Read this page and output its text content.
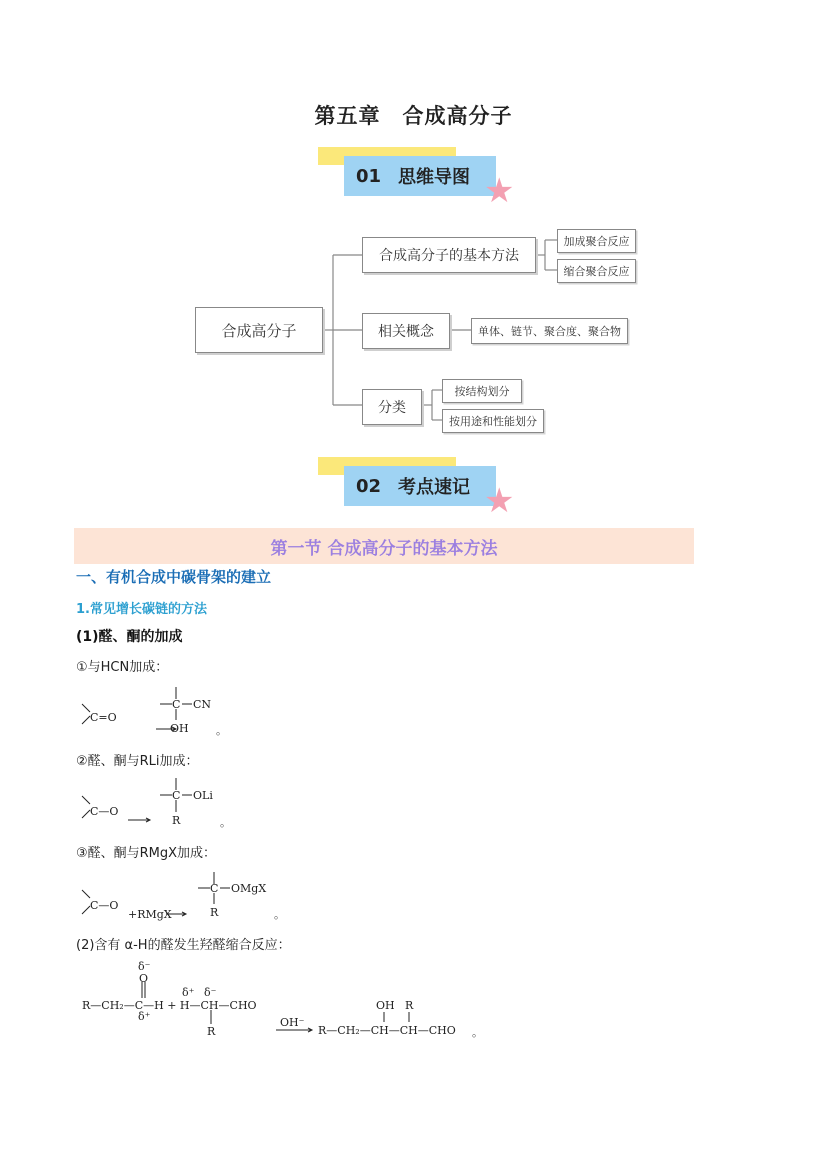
第五章　合成高分子
01 思维导图 ★
合成高分子
合成高分子的基本方法
加成聚合反应
缩合聚合反应
相关概念	单体、链节、聚合度、聚合物
分类
按结构划分
按用途和性能划分
02 考点速记 ★
第一节 合成高分子的基本方法
一、有机合成中碳骨架的建立
1.常见增长碳链的方法
(1)醛、酮的加成
①与HCN加成：
C=O
C CN
OH 。
②醛、酮与RLi加成：
C—O
C OLi
R	。
③醛、酮与RMgX加成：
C—O
+RMgX
C OMgX
R	。
(2)含有 α-H的醛发生羟醛缩合反应：
δ⁻
O
R—CH₂—C—H + H—CH—CHO
δ⁺ δ⁻
δ⁺
R
OH⁻
OH R
R—CH₂—CH—CH—CHO 。
